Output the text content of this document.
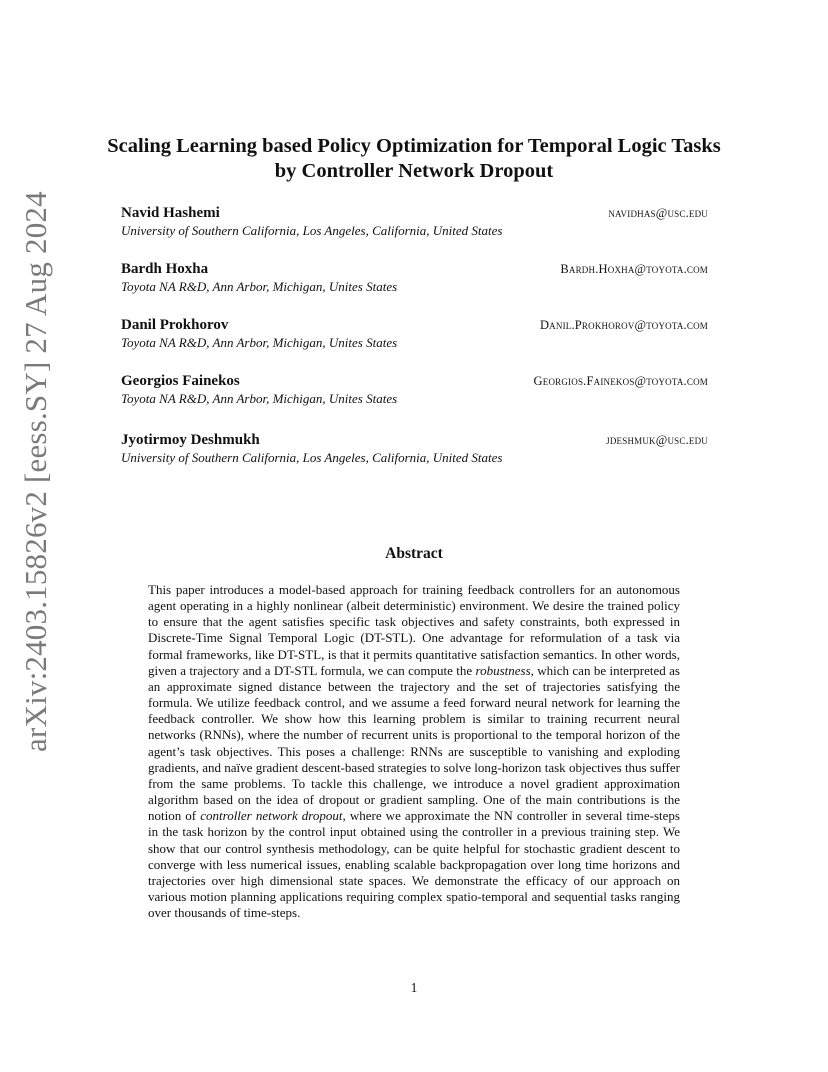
arXiv:2403.15826v2 [eess.SY] 27 Aug 2024
Scaling Learning based Policy Optimization for Temporal Logic Tasks by Controller Network Dropout
Navid Hashemi	navidhas@usc.edu
University of Southern California, Los Angeles, California, United States
Bardh Hoxha	Bardh.Hoxha@toyota.com
Toyota NA R&D, Ann Arbor, Michigan, Unites States
Danil Prokhorov	Danil.Prokhorov@toyota.com
Toyota NA R&D, Ann Arbor, Michigan, Unites States
Georgios Fainekos	Georgios.Fainekos@toyota.com
Toyota NA R&D, Ann Arbor, Michigan, Unites States
Jyotirmoy Deshmukh	jdeshmuk@usc.edu
University of Southern California, Los Angeles, California, United States
Abstract
This paper introduces a model-based approach for training feedback controllers for an autonomous agent operating in a highly nonlinear (albeit deterministic) environment. We desire the trained policy to ensure that the agent satisfies specific task objectives and safety constraints, both expressed in Discrete-Time Signal Temporal Logic (DT-STL). One advantage for reformulation of a task via formal frameworks, like DT-STL, is that it permits quantitative satisfaction semantics. In other words, given a trajectory and a DT-STL formula, we can compute the robustness, which can be interpreted as an approximate signed distance between the trajectory and the set of trajectories satisfying the formula. We utilize feedback control, and we assume a feed forward neural network for learning the feedback controller. We show how this learning problem is similar to training recurrent neural networks (RNNs), where the number of recurrent units is proportional to the temporal horizon of the agent’s task objectives. This poses a challenge: RNNs are susceptible to vanishing and exploding gradients, and naïve gradient descent-based strategies to solve long-horizon task objectives thus suffer from the same problems. To tackle this challenge, we introduce a novel gradient approximation algorithm based on the idea of dropout or gradient sampling. One of the main contributions is the notion of controller network dropout, where we approximate the NN controller in several time-steps in the task horizon by the control input obtained using the controller in a previous training step. We show that our control synthesis methodology, can be quite helpful for stochastic gradient descent to converge with less numerical issues, enabling scalable backpropagation over long time horizons and trajectories over high dimensional state spaces. We demonstrate the efficacy of our approach on various motion planning applications requiring complex spatio-temporal and sequential tasks ranging over thousands of time-steps.
1
